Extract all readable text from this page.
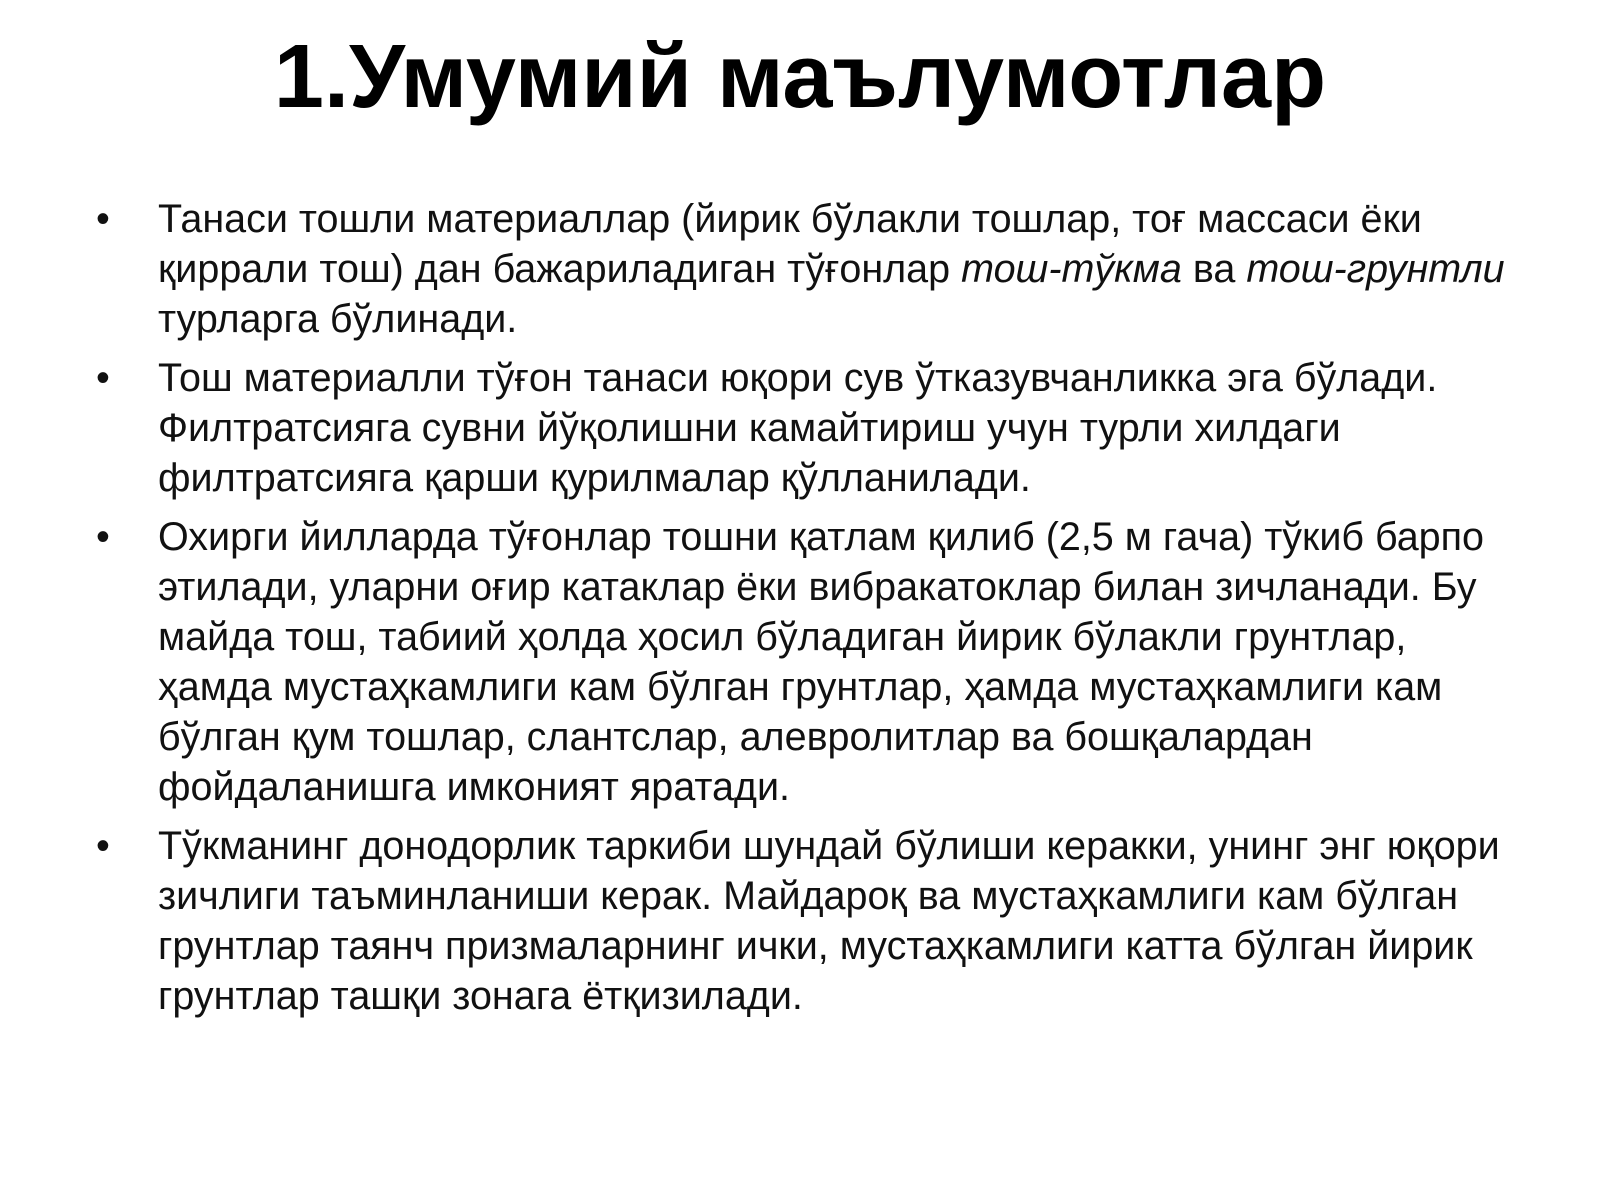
1.Умумий маълумотлар
• Танаси тошли материаллар (йирик бўлакли тошлар, тоғ массаси ёки қиррали тош) дан бажариладиган тўғонлар тош-тўкма ва тош-грунтли турларга бўлинади.
• Тош материалли тўғон танаси юқори сув ўтказувчанликка эга бўлади. Филтратсияга сувни йўқолишни камайтириш учун турли хилдаги филтратсияга қарши қурилмалар қўлланилади.
• Охирги йилларда тўғонлар тошни қатлам қилиб (2,5 м гача) тўкиб барпо этилади, уларни оғир катаклар ёки вибракатоклар билан зичланади. Бу майда тош, табиий ҳолда ҳосил бўладиган йирик бўлакли грунтлар, ҳамда мустаҳкамлиги кам бўлган грунтлар, ҳамда мустаҳкамлиги кам бўлган қум тошлар, слантслар, алевролитлар ва бошқалардан фойдаланишга имконият яратади.
• Тўкманинг донодорлик таркиби шундай бўлиши керакки, унинг энг юқори зичлиги таъминланиши керак. Майдароқ ва мустаҳкамлиги кам бўлган грунтлар таянч призмаларнинг ички, мустаҳкамлиги катта бўлган йирик грунтлар ташқи зонага ётқизилади.
